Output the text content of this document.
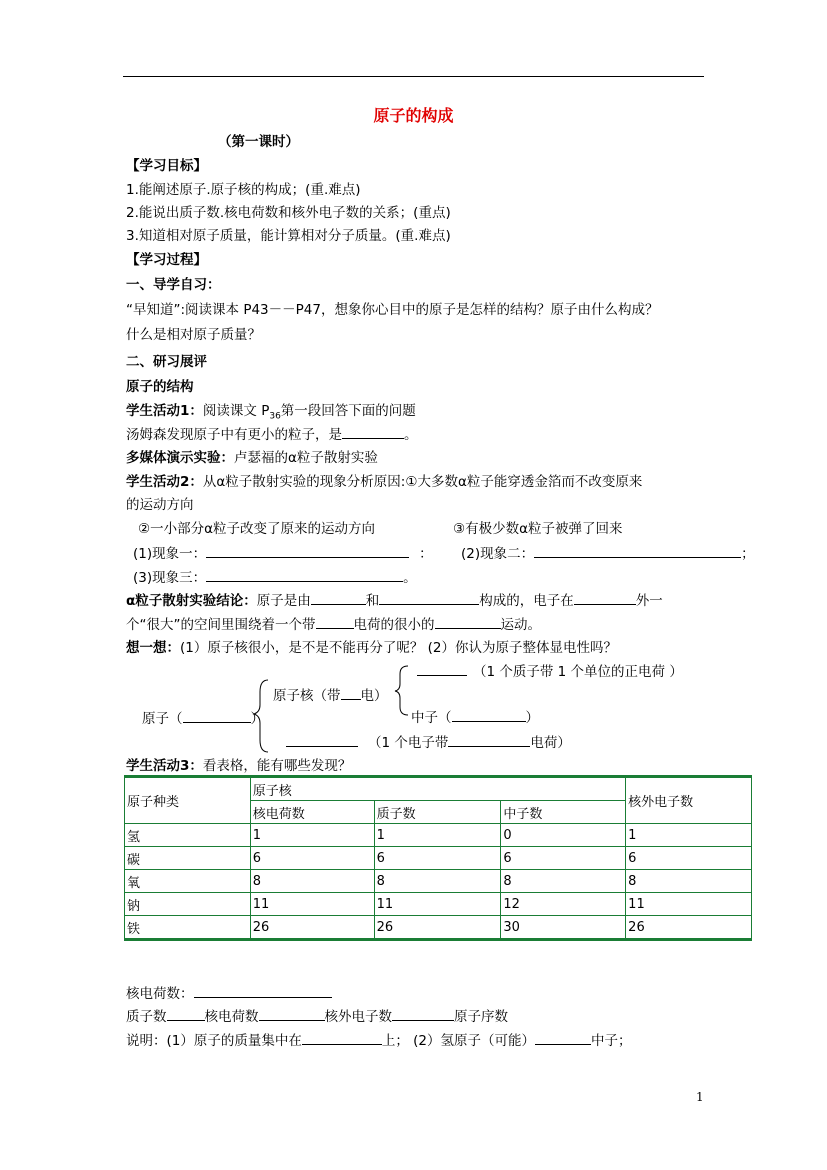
原子的构成
（第一课时）
【学习目标】
1.能阐述原子.原子核的构成；(重.难点)
2.能说出质子数.核电荷数和核外电子数的关系；(重点)
3.知道相对原子质量，能计算相对分子质量。(重.难点)
【学习过程】
一、导学自习：
“早知道”:阅读课本 P43－－P47，想象你心目中的原子是怎样的结构？原子由什么构成？
什么是相对原子质量？
二、研习展评
原子的结构
学生活动1：阅读课文 $P_{36}$第一段回答下面的问题
汤姆森发现原子中有更小的粒子，是	。
多媒体演示实验：卢瑟福的α粒子散射实验
学生活动2：从α粒子散射实验的现象分析原因:①大多数α粒子能穿透金箔而不改变原来
的运动方向
②一小部分α粒子改变了原来的运动方向	③有极少数α粒子被弹了回来
(1)现象一：	： (2)现象二：	；
(3)现象三：	。
α粒子散射实验结论：原子是由	和	构成的，电子在	外一
个“很大”的空间里围绕着一个带	电荷的很小的	运动。
想一想：(1）原子核很小，是不是不能再分了呢？ (2）你认为原子整体显电性吗？
原子（	）
原子核（带 电）
（1 个质子带 1 个单位的正电荷 ）
中子（	）
（1 个电子带	电荷）
学生活动3：看表格，能有哪些发现？
原子种类	原子核			核外电子数
	核电荷数	质子数	中子数	
氢	1	1	0	1
碳	6	6	6	6
氧	8	8	8	8
钠	11	11	12	11
铁	26	26	30	26
核电荷数：
质子数	核电荷数	核外电子数	原子序数
说明：(1）原子的质量集中在	上； (2）氢原子（可能）	中子；
1
